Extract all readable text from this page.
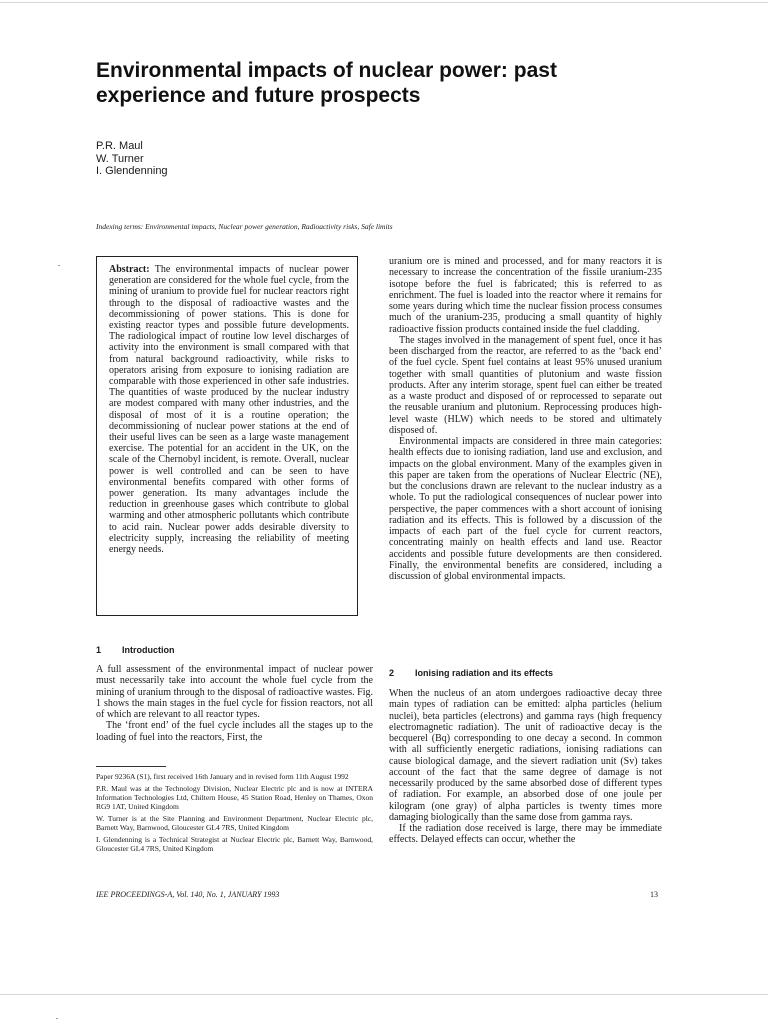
Environmental impacts of nuclear power: past experience and future prospects
P.R. Maul
W. Turner
I. Glendenning
Indexing terms: Environmental impacts, Nuclear power generation, Radioactivity risks, Safe limits
Abstract: The environmental impacts of nuclear power generation are considered for the whole fuel cycle, from the mining of uranium to provide fuel for nuclear reactors right through to the disposal of radioactive wastes and the decommissioning of power stations. This is done for existing reactor types and possible future developments. The radiological impact of routine low level discharges of activity into the environment is small compared with that from natural background radioactivity, while risks to operators arising from exposure to ionising radiation are comparable with those experienced in other safe industries. The quantities of waste produced by the nuclear industry are modest compared with many other industries, and the disposal of most of it is a routine operation; the decommissioning of nuclear power stations at the end of their useful lives can be seen as a large waste management exercise. The potential for an accident in the UK, on the scale of the Chernobyl incident, is remote. Overall, nuclear power is well controlled and can be seen to have environmental benefits compared with other forms of power generation. Its many advantages include the reduction in greenhouse gases which contribute to global warming and other atmospheric pollutants which contribute to acid rain. Nuclear power adds desirable diversity to electricity supply, increasing the reliability of meeting energy needs.
1 Introduction

A full assessment of the environmental impact of nuclear power must necessarily take into account the whole fuel cycle from the mining of uranium through to the disposal of radioactive wastes. Fig. 1 shows the main stages in the fuel cycle for fission reactors, not all of which are relevant to all reactor types.

The ‘front end’ of the fuel cycle includes all the stages up to the loading of fuel into the reactors, First, the

Paper 9236A (S1), first received 16th January and in revised form 11th August 1992

P.R. Maul was at the Technology Division, Nuclear Electric plc and is now at INTERA Information Technologies Ltd, Chiltern House, 45 Station Road, Henley on Thames, Oxon RG9 1AT, United Kingdom

W. Turner is at the Site Planning and Environment Department, Nuclear Electric plc, Barnett Way, Barnwood, Gloucester GL4 7RS, United Kingdom

I. Glendenning is a Technical Strategist at Nuclear Electric plc, Barnett Way, Barnwood, Gloucester GL4 7RS, United Kingdom

uranium ore is mined and processed, and for many reactors it is necessary to increase the concentration of the fissile uranium-235 isotope before the fuel is fabricated; this is referred to as enrichment. The fuel is loaded into the reactor where it remains for some years during which time the nuclear fission process consumes much of the uranium-235, producing a small quantity of highly radioactive fission products contained inside the fuel cladding.

The stages involved in the management of spent fuel, once it has been discharged from the reactor, are referred to as the ‘back end’ of the fuel cycle. Spent fuel contains at least 95% unused uranium together with small quantities of plutonium and waste fission products. After any interim storage, spent fuel can either be treated as a waste product and disposed of or reprocessed to separate out the reusable uranium and plutonium. Reprocessing produces high-level waste (HLW) which needs to be stored and ultimately disposed of.

Environmental impacts are considered in three main categories: health effects due to ionising radiation, land use and exclusion, and impacts on the global environment. Many of the examples given in this paper are taken from the operations of Nuclear Electric (NE), but the conclusions drawn are relevant to the nuclear industry as a whole. To put the radiological consequences of nuclear power into perspective, the paper commences with a short account of ionising radiation and its effects. This is followed by a discussion of the impacts of each part of the fuel cycle for current reactors, concentrating mainly on health effects and land use. Reactor accidents and possible future developments are then considered. Finally, the environmental benefits are considered, including a discussion of global environmental impacts.

2 Ionising radiation and its effects

When the nucleus of an atom undergoes radioactive decay three main types of radiation can be emitted: alpha particles (helium nuclei), beta particles (electrons) and gamma rays (high frequency electromagnetic radiation). The unit of radioactive decay is the becquerel (Bq) corresponding to one decay a second. In common with all sufficiently energetic radiations, ionising radiations can cause biological damage, and the sievert radiation unit (Sv) takes account of the fact that the same degree of damage is not necessarily produced by the same absorbed dose of different types of radiation. For example, an absorbed dose of one joule per kilogram (one gray) of alpha particles is twenty times more damaging biologically than the same dose from gamma rays.

If the radiation dose received is large, there may be immediate effects. Delayed effects can occur, whether the

IEE PROCEEDINGS-A, Vol. 140, No. 1, JANUARY 1993	13
